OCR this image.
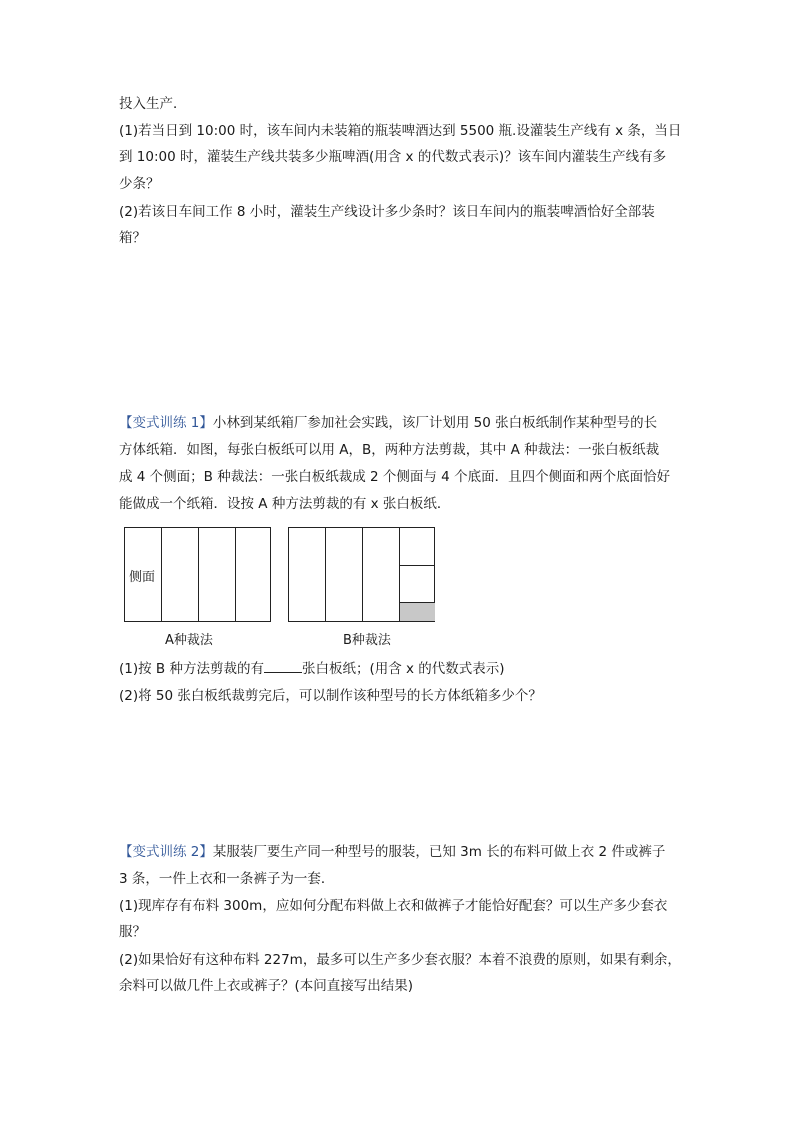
投入生产．
(1)若当日到 10:00 时，该车间内未装箱的瓶装啤酒达到 5500 瓶.设灌装生产线有 x 条，当日
到 10:00 时，灌装生产线共装多少瓶啤酒(用含 x 的代数式表示)？该车间内灌装生产线有多
少条？
(2)若该日车间工作 8 小时，灌装生产线设计多少条时？该日车间内的瓶装啤酒恰好全部装
箱？
【变式训练 1】小林到某纸箱厂参加社会实践，该厂计划用 50 张白板纸制作某种型号的长
方体纸箱．如图，每张白板纸可以用 A，B，两种方法剪裁，其中 A 种裁法：一张白板纸裁
成 4 个侧面；B 种裁法：一张白板纸裁成 2 个侧面与 4 个底面．且四个侧面和两个底面恰好
能做成一个纸箱．设按 A 种方法剪裁的有 x 张白板纸．
侧面
A种裁法	B种裁法
(1)按 B 种方法剪裁的有	张白板纸；(用含 x 的代数式表示)
(2)将 50 张白板纸裁剪完后，可以制作该种型号的长方体纸箱多少个？
【变式训练 2】某服装厂要生产同一种型号的服装，已知 3m 长的布料可做上衣 2 件或裤子
3 条，一件上衣和一条裤子为一套．
(1)现库存有布料 300m，应如何分配布料做上衣和做裤子才能恰好配套？可以生产多少套衣
服？
(2)如果恰好有这种布料 227m，最多可以生产多少套衣服？本着不浪费的原则，如果有剩余，
余料可以做几件上衣或裤子？(本问直接写出结果)
